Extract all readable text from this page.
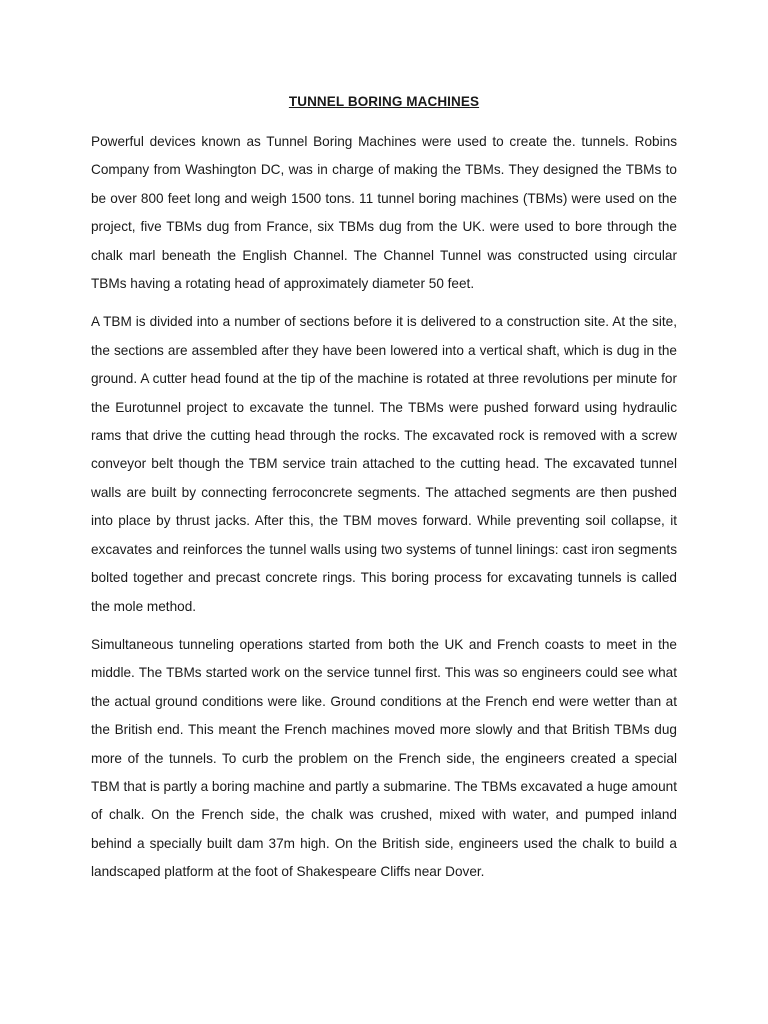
TUNNEL BORING MACHINES

Powerful devices known as Tunnel Boring Machines were used to create the. tunnels. Robins Company from Washington DC, was in charge of making the TBMs. They designed the TBMs to be over 800 feet long and weigh 1500 tons. 11 tunnel boring machines (TBMs) were used on the project, five TBMs dug from France, six TBMs dug from the UK. were used to bore through the chalk marl beneath the English Channel. The Channel Tunnel was constructed using circular TBMs having a rotating head of approximately diameter 50 feet.

A TBM is divided into a number of sections before it is delivered to a construction site. At the site, the sections are assembled after they have been lowered into a vertical shaft, which is dug in the ground. A cutter head found at the tip of the machine is rotated at three revolutions per minute for the Eurotunnel project to excavate the tunnel. The TBMs were pushed forward using hydraulic rams that drive the cutting head through the rocks. The excavated rock is removed with a screw conveyor belt though the TBM service train attached to the cutting head. The excavated tunnel walls are built by connecting ferroconcrete segments. The attached segments are then pushed into place by thrust jacks. After this, the TBM moves forward. While preventing soil collapse, it excavates and reinforces the tunnel walls using two systems of tunnel linings: cast iron segments bolted together and precast concrete rings. This boring process for excavating tunnels is called the mole method.

Simultaneous tunneling operations started from both the UK and French coasts to meet in the middle. The TBMs started work on the service tunnel first. This was so engineers could see what the actual ground conditions were like. Ground conditions at the French end were wetter than at the British end. This meant the French machines moved more slowly and that British TBMs dug more of the tunnels. To curb the problem on the French side, the engineers created a special TBM that is partly a boring machine and partly a submarine. The TBMs excavated a huge amount of chalk. On the French side, the chalk was crushed, mixed with water, and pumped inland behind a specially built dam 37m high. On the British side, engineers used the chalk to build a landscaped platform at the foot of Shakespeare Cliffs near Dover.
